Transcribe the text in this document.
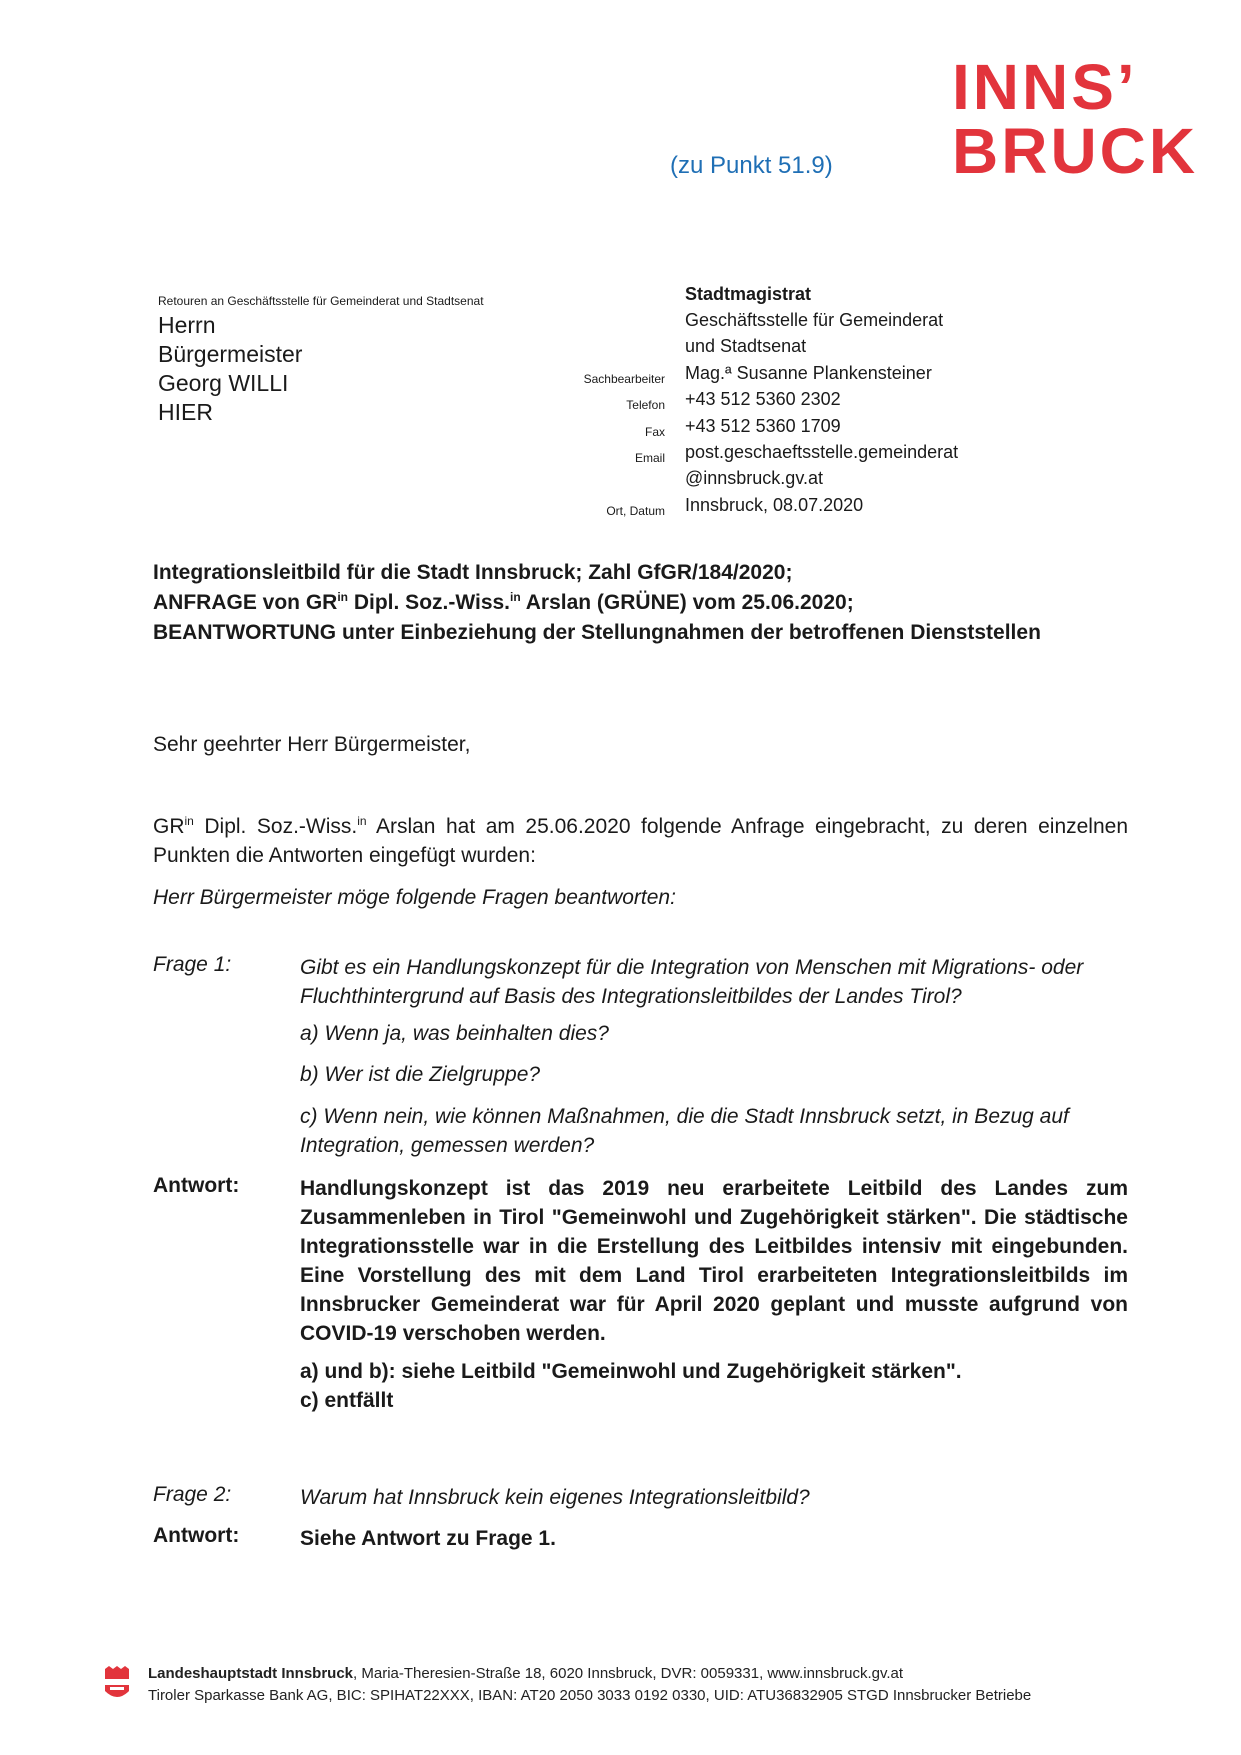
(zu Punkt 51.9)
INNS’
BRUCK
Retouren an Geschäftsstelle für Gemeinderat und Stadtsenat
Herrn
Bürgermeister
Georg WILLI
HIER
Stadtmagistrat
Geschäftsstelle für Gemeinderat
und Stadtsenat
Sachbearbeiter Mag.ª Susanne Plankensteiner
Telefon +43 512 5360 2302
Fax +43 512 5360 1709
Email post.geschaeftsstelle.gemeinderat
@innsbruck.gv.at
Ort, Datum Innsbruck, 08.07.2020
Integrationsleitbild für die Stadt Innsbruck; Zahl GfGR/184/2020;
ANFRAGE von $GR^{in}$ Dipl. Soz.-Wiss.$^{in}$ Arslan (GRÜNE) vom 25.06.2020;
BEANTWORTUNG unter Einbeziehung der Stellungnahmen der betroffenen Dienststellen
Sehr geehrter Herr Bürgermeister,
$GR^{in}$ Dipl. Soz.-Wiss.$^{in}$ Arslan hat am 25.06.2020 folgende Anfrage eingebracht, zu deren einzelnen Punkten die Antworten eingefügt wurden:
Herr Bürgermeister möge folgende Fragen beantworten:
Frage 1:	Gibt es ein Handlungskonzept für die Integration von Menschen mit Migrations- oder Fluchthintergrund auf Basis des Integrationsleitbildes der Landes Tirol?
a) Wenn ja, was beinhalten dies?
b) Wer ist die Zielgruppe?
c) Wenn nein, wie können Maßnahmen, die die Stadt Innsbruck setzt, in Bezug auf Integration, gemessen werden?
Antwort:	Handlungskonzept ist das 2019 neu erarbeitete Leitbild des Landes zum Zusammenleben in Tirol "Gemeinwohl und Zugehörigkeit stärken". Die städtische Integrationsstelle war in die Erstellung des Leitbildes intensiv mit eingebunden. Eine Vorstellung des mit dem Land Tirol erarbeiteten Integrationsleitbilds im Innsbrucker Gemeinderat war für April 2020 geplant und musste aufgrund von COVID-19 verschoben werden.
a) und b): siehe Leitbild "Gemeinwohl und Zugehörigkeit stärken".
c) entfällt
Frage 2:	Warum hat Innsbruck kein eigenes Integrationsleitbild?
Antwort:	Siehe Antwort zu Frage 1.
Landeshauptstadt Innsbruck, Maria-Theresien-Straße 18, 6020 Innsbruck, DVR: 0059331, www.innsbruck.gv.at
Tiroler Sparkasse Bank AG, BIC: SPIHAT22XXX, IBAN: AT20 2050 3033 0192 0330, UID: ATU36832905 STGD Innsbrucker Betriebe
